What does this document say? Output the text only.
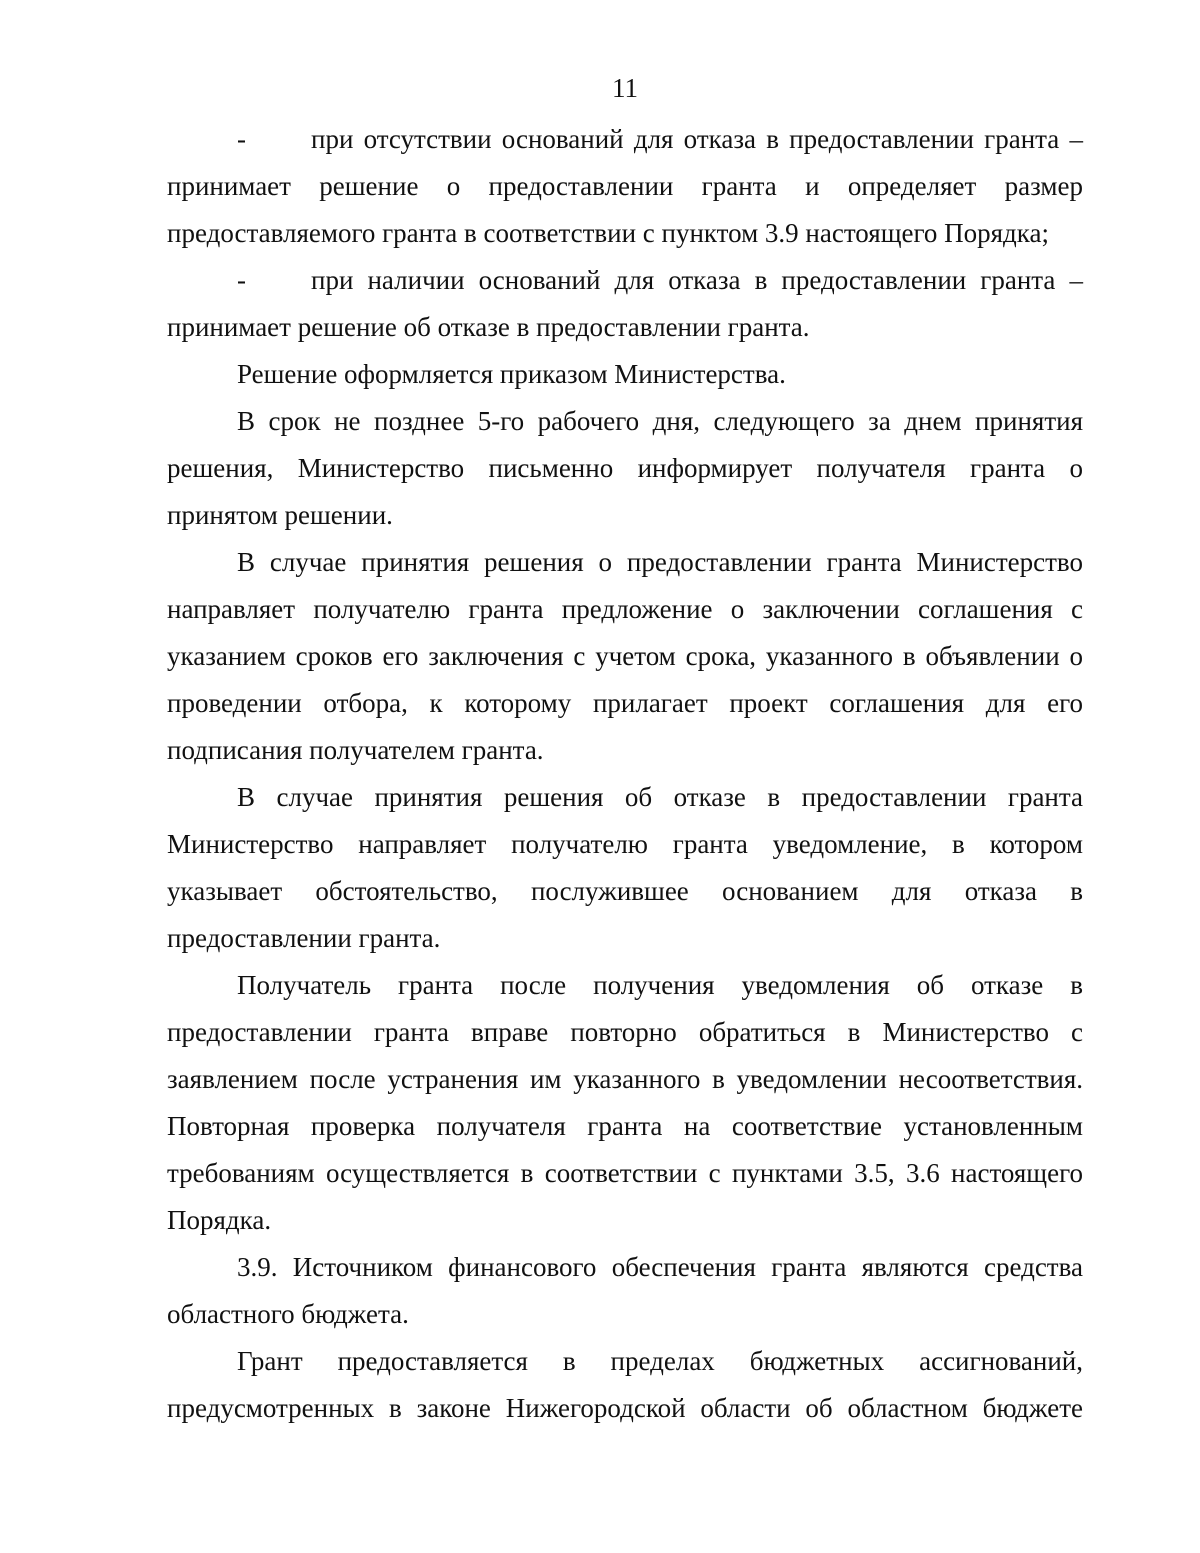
11

- при отсутствии оснований для отказа в предоставлении гранта – принимает решение о предоставлении гранта и определяет размер предоставляемого гранта в соответствии с пунктом 3.9 настоящего Порядка;

- при наличии оснований для отказа в предоставлении гранта – принимает решение об отказе в предоставлении гранта.

Решение оформляется приказом Министерства.

В срок не позднее 5-го рабочего дня, следующего за днем принятия решения, Министерство письменно информирует получателя гранта о принятом решении.

В случае принятия решения о предоставлении гранта Министерство направляет получателю гранта предложение о заключении соглашения с указанием сроков его заключения с учетом срока, указанного в объявлении о проведении отбора, к которому прилагает проект соглашения для его подписания получателем гранта.

В случае принятия решения об отказе в предоставлении гранта Министерство направляет получателю гранта уведомление, в котором указывает обстоятельство, послужившее основанием для отказа в предоставлении гранта.

Получатель гранта после получения уведомления об отказе в предоставлении гранта вправе повторно обратиться в Министерство с заявлением после устранения им указанного в уведомлении несоответствия. Повторная проверка получателя гранта на соответствие установленным требованиям осуществляется в соответствии с пунктами 3.5, 3.6 настоящего Порядка.

3.9. Источником финансового обеспечения гранта являются средства областного бюджета.

Грант предоставляется в пределах бюджетных ассигнований, предусмотренных в законе Нижегородской области об областном бюджете
